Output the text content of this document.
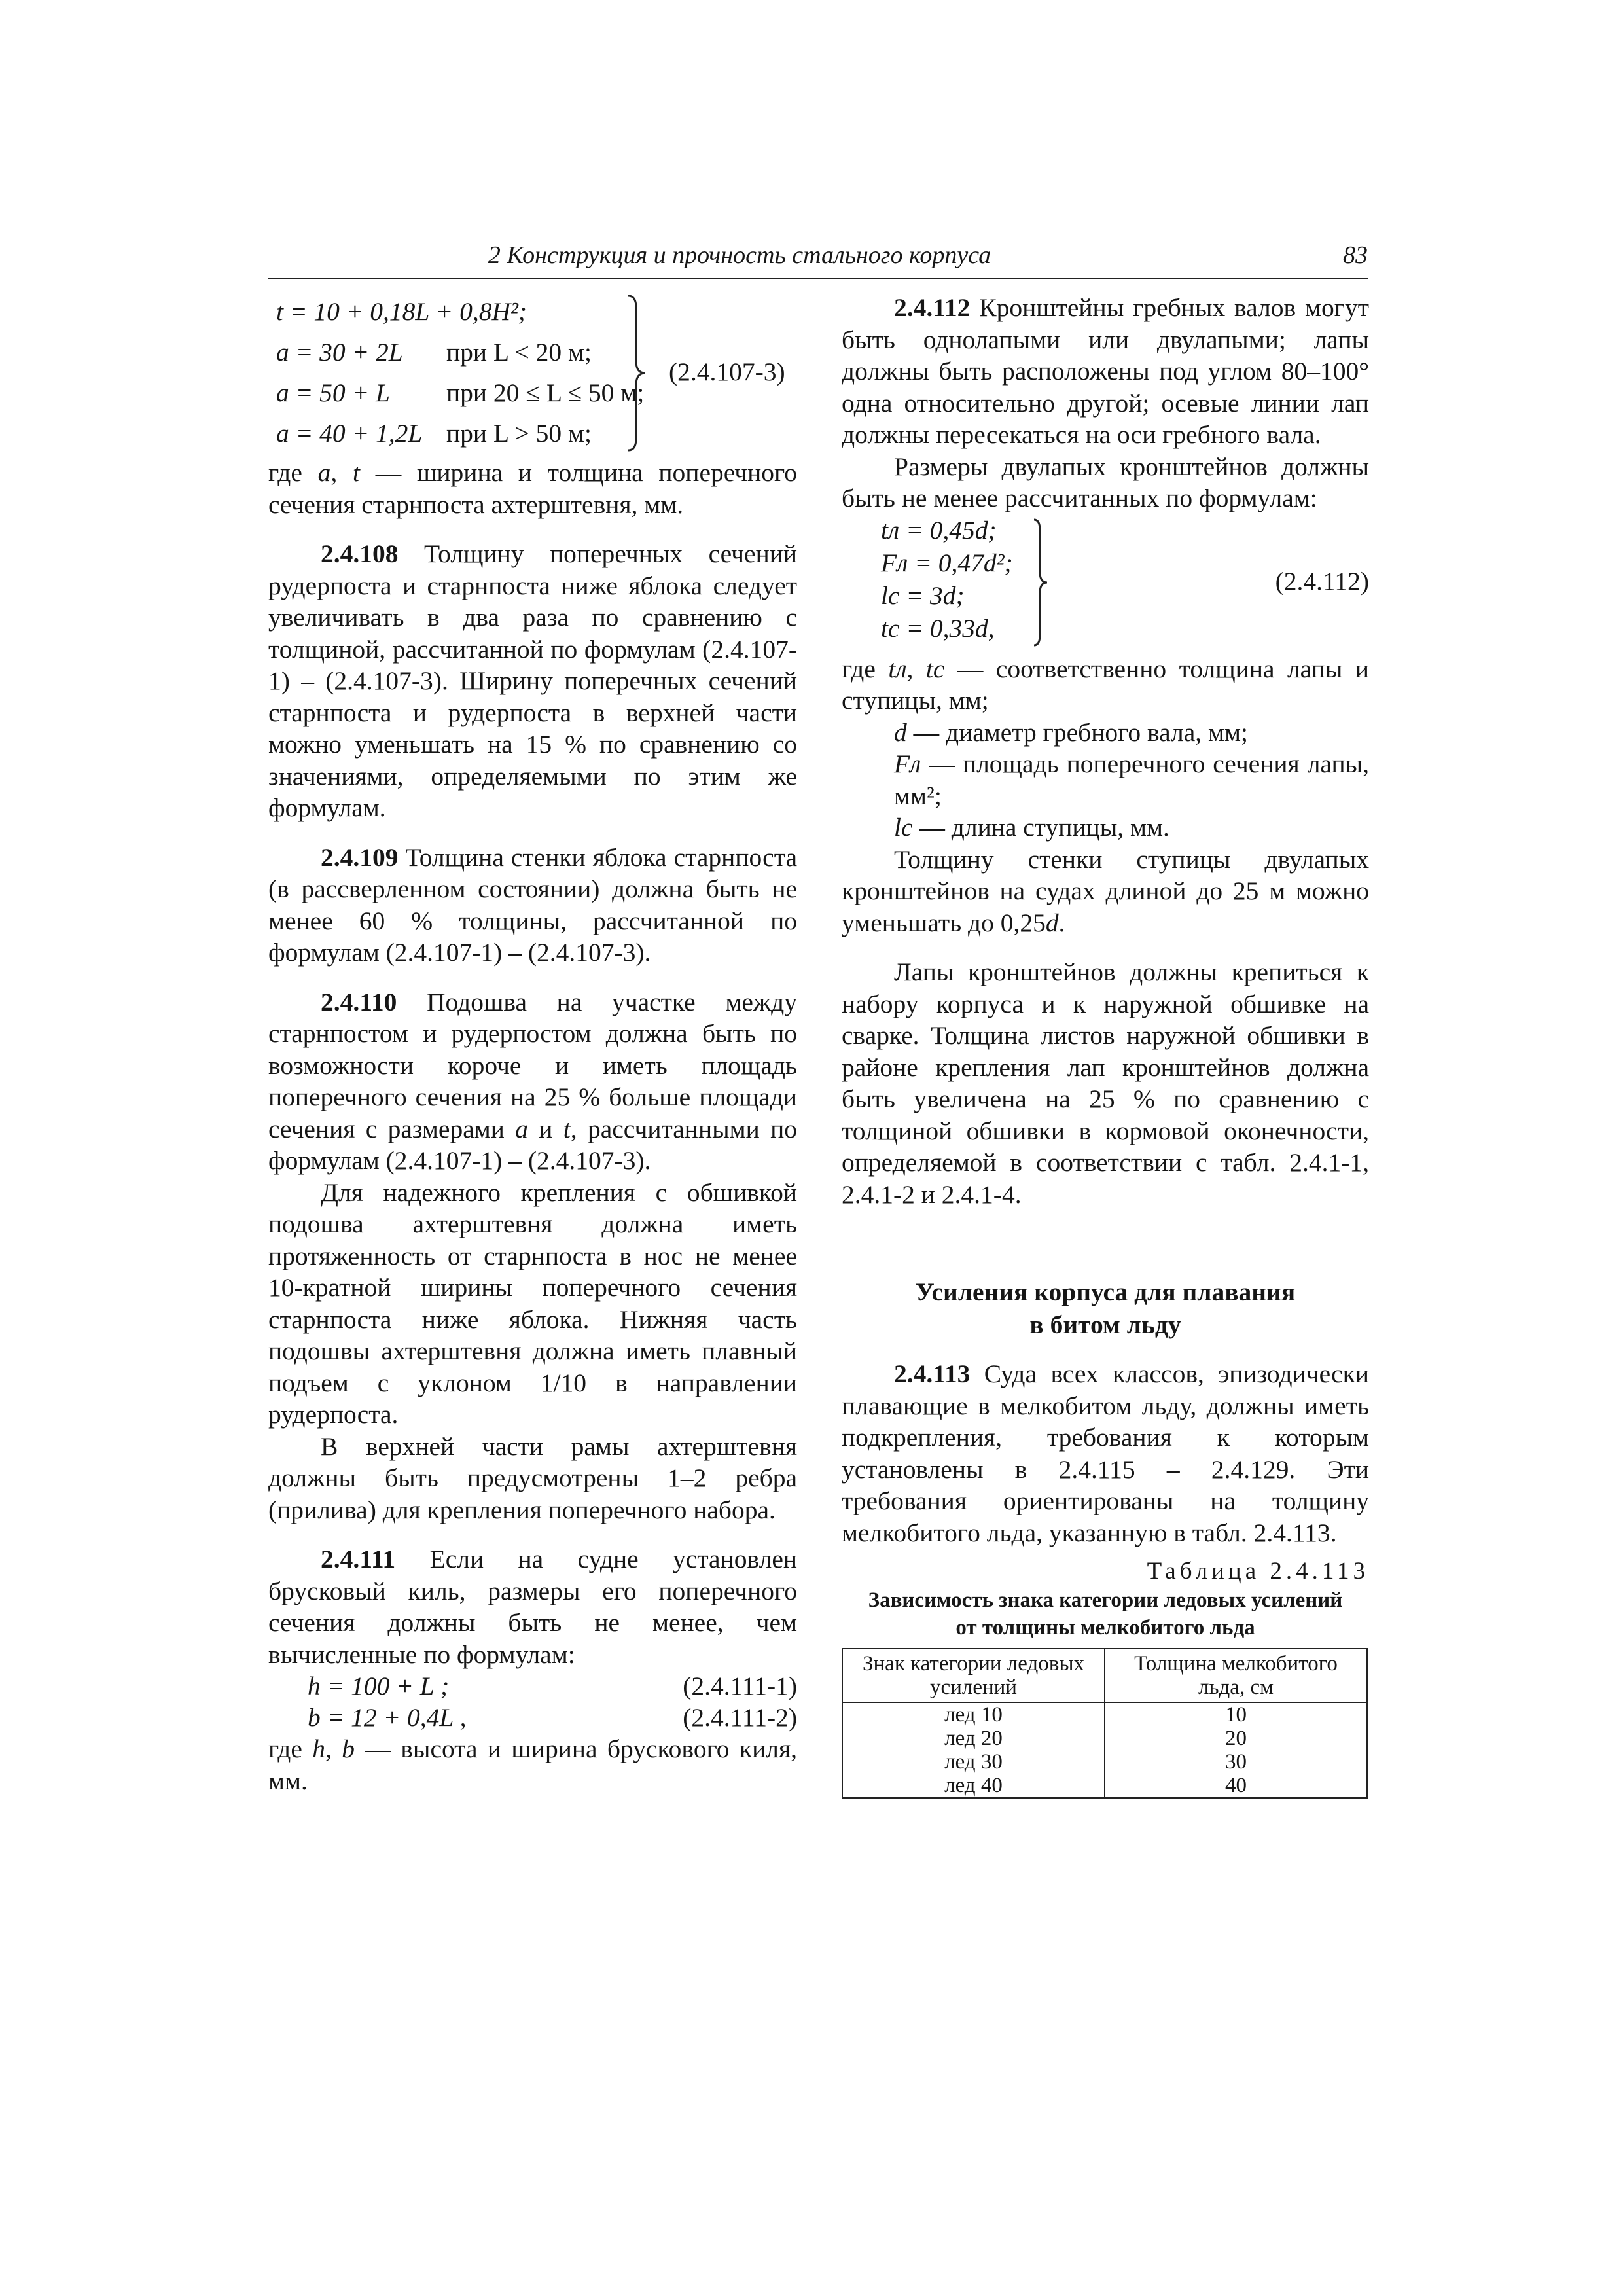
2 Конструкция и прочность стального корпуса	83
t = 10 + 0,18L + 0,8H²;
a = 30 + 2L при L < 20 м;
a = 50 + L при 20 ≤ L ≤ 50 м;
a = 40 + 1,2L при L > 50 м;
(2.4.107-3)

где a, t — ширина и толщина поперечного сечения старнпоста ахтерштевня, мм.

2.4.108 Толщину поперечных сечений рудерпоста и старнпоста ниже яблока следует увеличивать в два раза по сравнению с толщиной, рассчитанной по формулам (2.4.107-1) – (2.4.107-3). Ширину поперечных сечений старнпоста и рудерпоста в верхней части можно уменьшать на 15 % по сравнению со значениями, определяемыми по этим же формулам.

2.4.109 Толщина стенки яблока старнпоста (в рассверленном состоянии) должна быть не менее 60 % толщины, рассчитанной по формулам (2.4.107-1) – (2.4.107-3).

2.4.110 Подошва на участке между старнпостом и рудерпостом должна быть по возможности короче и иметь площадь поперечного сечения на 25 % больше площади сечения с размерами a и t, рассчитанными по формулам (2.4.107-1) – (2.4.107-3).

Для надежного крепления с обшивкой подошва ахтерштевня должна иметь протяженность от старнпоста в нос не менее 10-кратной ширины поперечного сечения старнпоста ниже яблока. Нижняя часть подошвы ахтерштевня должна иметь плавный подъем с уклоном 1/10 в направлении рудерпоста.

В верхней части рамы ахтерштевня должны быть предусмотрены 1–2 ребра (прилива) для крепления поперечного набора.

2.4.111 Если на судне установлен брусковый киль, размеры его поперечного сечения должны быть не менее, чем вычисленные по формулам:

h = 100 + L ;	(2.4.111-1)
b = 12 + 0,4L ,	(2.4.111-2)

где h, b — высота и ширина брускового киля, мм.

2.4.112 Кронштейны гребных валов могут быть однолапыми или двулапыми; лапы должны быть расположены под углом 80–100° одна относительно другой; осевые линии лап должны пересекаться на оси гребного вала.

Размеры двулапых кронштейнов должны быть не менее рассчитанных по формулам:

tл = 0,45d;
Fл = 0,47d²;
lс = 3d;
tс = 0,33d,
(2.4.112)

где tл, tс — соответственно толщина лапы и ступицы, мм;

d — диаметр гребного вала, мм;

Fл — площадь поперечного сечения лапы, мм²;

lс — длина ступицы, мм.

Толщину стенки ступицы двулапых кронштейнов на судах длиной до 25 м можно уменьшать до 0,25d.

Лапы кронштейнов должны крепиться к набору корпуса и к наружной обшивке на сварке. Толщина листов наружной обшивки в районе крепления лап кронштейнов должна быть увеличена на 25 % по сравнению с толщиной обшивки в кормовой оконечности, определяемой в соответствии с табл. 2.4.1-1, 2.4.1-2 и 2.4.1-4.

Усиления корпуса для плавания
в битом льду

2.4.113 Суда всех классов, эпизодически плавающие в мелкобитом льду, должны иметь подкрепления, требования к которым установлены в 2.4.115 – 2.4.129. Эти требования ориентированы на толщину мелкобитого льда, указанную в табл. 2.4.113.

Таблица 2.4.113
Зависимость знака категории ледовых усилений
от толщины мелкобитого льда
Знак категории ледовых усилений	Толщина мелкобитого льда, см
лед 10	10
лед 20	20
лед 30	30
лед 40	40
